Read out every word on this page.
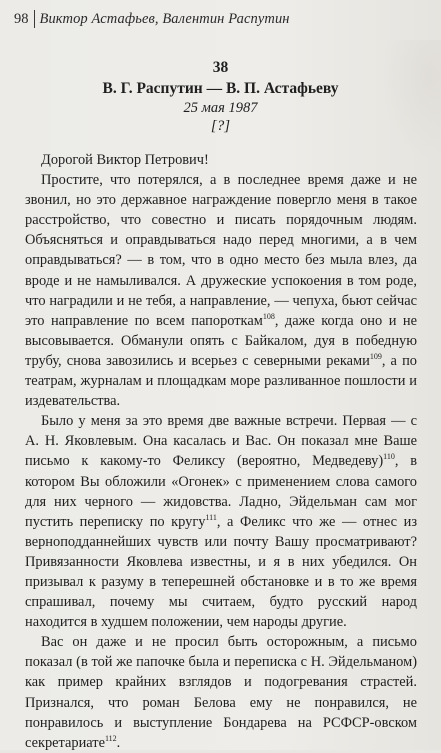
98 Виктор Астафьев, Валентин Распутин
38
В. Г. Распутин — В. П. Астафьеву
25 мая 1987
[?]

Дорогой Виктор Петрович!

Простите, что потерялся, а в последнее время даже и не звонил, но это державное награждение повергло меня в такое расстройство, что совестно и писать порядочным людям. Объясняться и оправдываться надо перед многими, а в чем оправдываться? — в том, что в одно место без мыла влез, да вроде и не намыливался. А дружеские успокоения в том роде, что наградили и не тебя, а направление, — чепуха, бьют сейчас это направление по всем папороткам$^{108}$, даже когда оно и не высовывается. Обманули опять с Байкалом, дуя в победную трубу, снова завозились и всерьез с северными реками$^{109}$, а по театрам, журналам и площадкам море разливанное пошлости и издевательства.

Было у меня за это время две важные встречи. Первая — с А. Н. Яковлевым. Она касалась и Вас. Он показал мне Ваше письмо к какому-то Феликсу (вероятно, Медведеву)$^{110}$, в котором Вы обложили «Огонек» с применением слова самого для них черного — жидовства. Ладно, Эйдельман сам мог пустить переписку по кругу$^{111}$, а Феликс что же — отнес из верноподданнейших чувств или почту Вашу просматривают? Привязанности Яковлева известны, и я в них убедился. Он призывал к разуму в теперешней обстановке и в то же время спрашивал, почему мы считаем, будто русский народ находится в худшем положении, чем народы другие.

Вас он даже и не просил быть осторожным, а письмо показал (в той же папочке была и переписка с Н. Эйдельманом) как пример крайних взглядов и подогревания страстей. Признался, что роман Белова ему не понравился, не понравилось и выступление Бондарева на РСФСР-овском секретариате$^{112}$.
